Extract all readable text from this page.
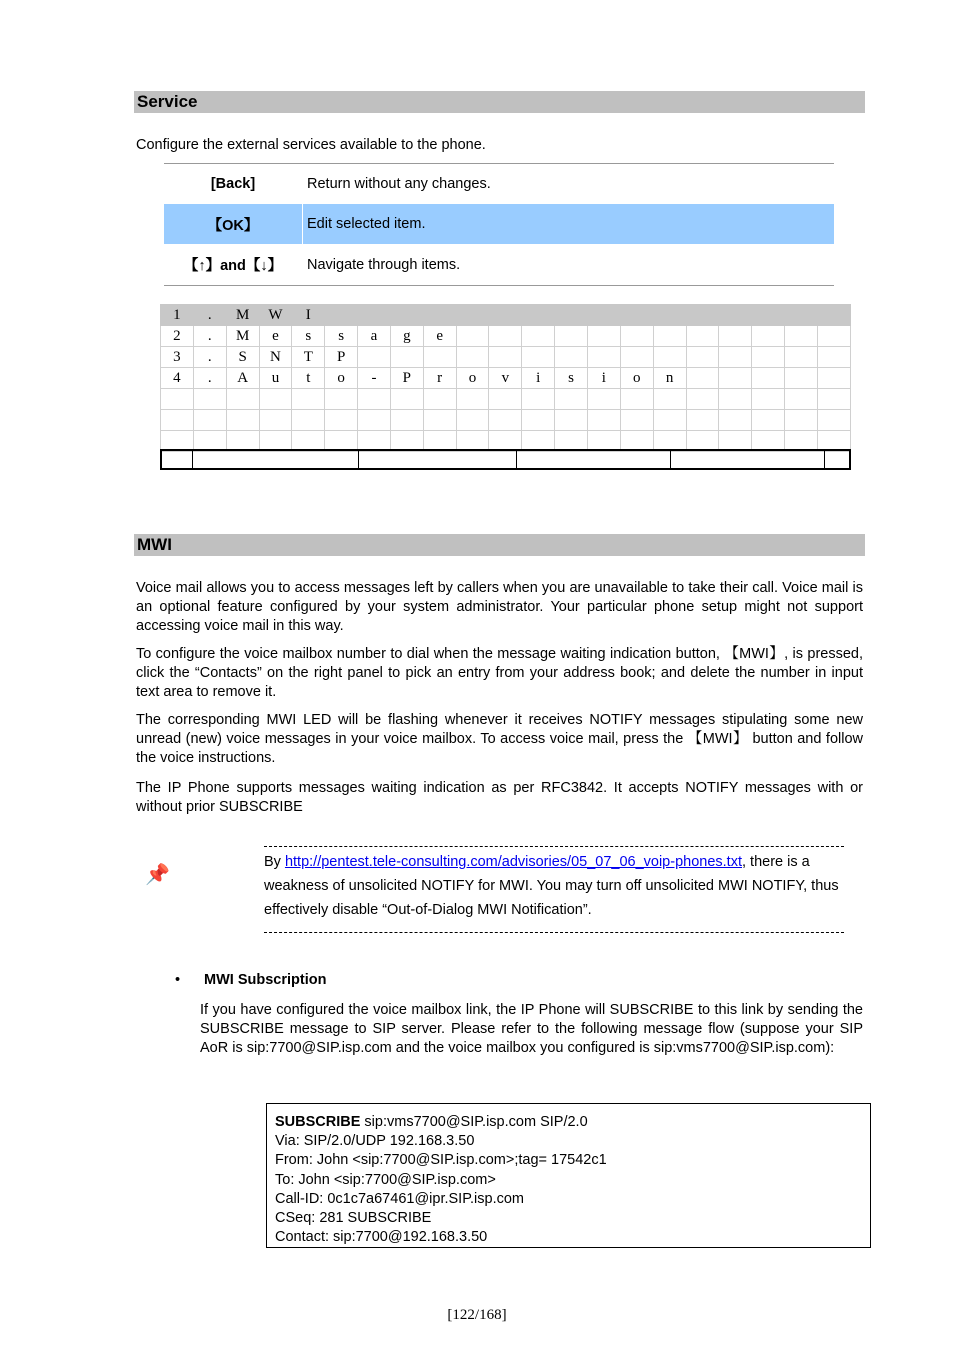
Service
Configure the external services available to the phone.
[Back]	Return without any changes.
【OK】	Edit selected item.
【↑】and【↓】	Navigate through items.
1	.	M	W	I																
2	.	M	e	s	s	a	g	e												
3	.	S	N	T	P															
4	.	A	u	t	o	-	P	r	o	v	i	s	i	o	n					

MWI
Voice mail allows you to access messages left by callers when you are unavailable to take their call. Voice mail is an optional feature configured by your system administrator. Your particular phone setup might not support accessing voice mail in this way.
To configure the voice mailbox number to dial when the message waiting indication button, 【MWI】, is pressed, click the “Contacts” on the right panel to pick an entry from your address book; and delete the number in input text area to remove it.
The corresponding MWI LED will be flashing whenever it receives NOTIFY messages stipulating some new unread (new) voice messages in your voice mailbox. To access voice mail, press the 【MWI】 button and follow the voice instructions.
The IP Phone supports messages waiting indication as per RFC3842. It accepts NOTIFY messages with or without prior SUBSCRIBE
📌
By http://pentest.tele-consulting.com/advisories/05_07_06_voip-phones.txt, there is a weakness of unsolicited NOTIFY for MWI. You may turn off unsolicited MWI NOTIFY, thus effectively disable “Out-of-Dialog MWI Notification”.
• MWI Subscription
If you have configured the voice mailbox link, the IP Phone will SUBSCRIBE to this link by sending the SUBSCRIBE message to SIP server. Please refer to the following message flow (suppose your SIP AoR is sip:7700@SIP.isp.com and the voice mailbox you configured is sip:vms7700@SIP.isp.com):
SUBSCRIBE sip:vms7700@SIP.isp.com SIP/2.0
Via: SIP/2.0/UDP 192.168.3.50
From: John <sip:7700@SIP.isp.com>;tag= 17542c1
To: John <sip:7700@SIP.isp.com>
Call-ID: 0c1c7a67461@ipr.SIP.isp.com
CSeq: 281 SUBSCRIBE
Contact: sip:7700@192.168.3.50
[122/168]
